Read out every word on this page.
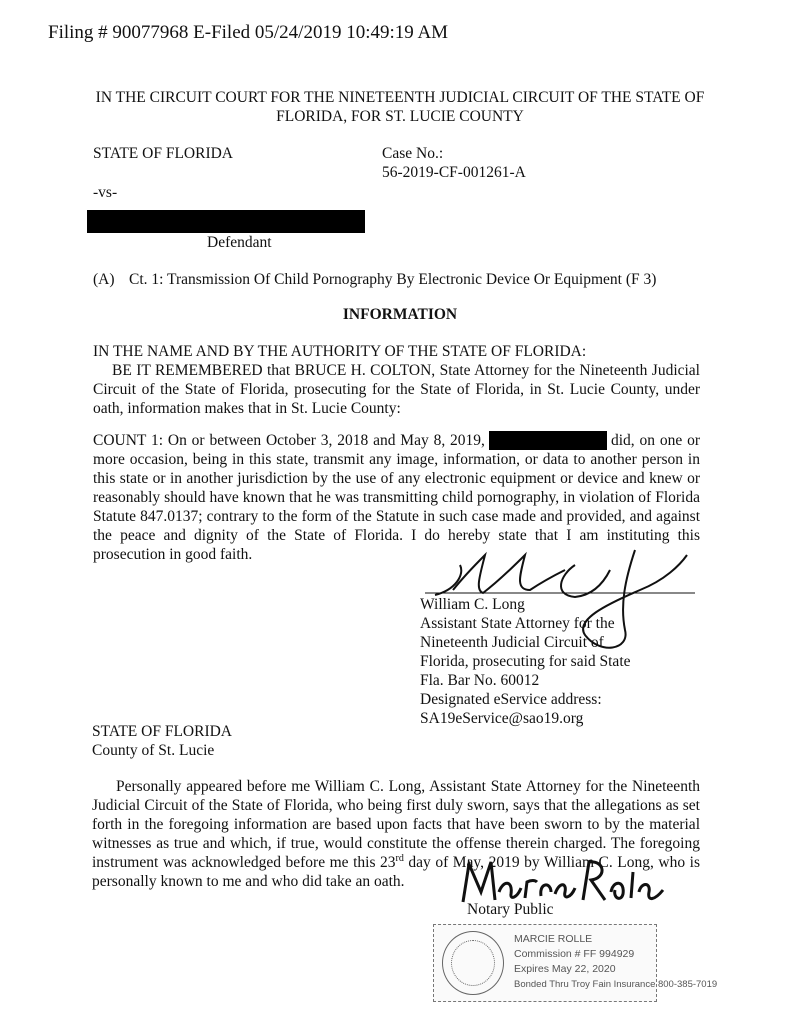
Filing # 90077968 E-Filed 05/24/2019 10:49:19 AM
IN THE CIRCUIT COURT FOR THE NINETEENTH JUDICIAL CIRCUIT OF THE STATE OF FLORIDA, FOR ST. LUCIE COUNTY
STATE OF FLORIDA	Case No.:
56-2019-CF-001261-A
-vs-
Defendant
(A) Ct. 1: Transmission Of Child Pornography By Electronic Device Or Equipment (F 3)
INFORMATION
IN THE NAME AND BY THE AUTHORITY OF THE STATE OF FLORIDA:
BE IT REMEMBERED that BRUCE H. COLTON, State Attorney for the Nineteenth Judicial Circuit of the State of Florida, prosecuting for the State of Florida, in St. Lucie County, under oath, information makes that in St. Lucie County:
COUNT 1: On or between October 3, 2018 and May 8, 2019,	did, on one or more occasion, being in this state, transmit any image, information, or data to another person in this state or in another jurisdiction by the use of any electronic equipment or device and knew or reasonably should have known that he was transmitting child pornography, in violation of Florida Statute 847.0137; contrary to the form of the Statute in such case made and provided, and against the peace and dignity of the State of Florida. I do hereby state that I am instituting this prosecution in good faith.
William C. Long
Assistant State Attorney for the
Nineteenth Judicial Circuit of
Florida, prosecuting for said State
Fla. Bar No. 60012
Designated eService address:
SA19eService@sao19.org
STATE OF FLORIDA
County of St. Lucie
Personally appeared before me William C. Long, Assistant State Attorney for the Nineteenth Judicial Circuit of the State of Florida, who being first duly sworn, says that the allegations as set forth in the foregoing information are based upon facts that have been sworn to by the material witnesses as true and which, if true, would constitute the offense therein charged. The foregoing instrument was acknowledged before me this 23rd day of May, 2019 by William C. Long, who is personally known to me and who did take an oath.
Notary Public
MARCIE ROLLE
Commission # FF 994929
Expires May 22, 2020
Bonded Thru Troy Fain Insurance 800-385-7019
